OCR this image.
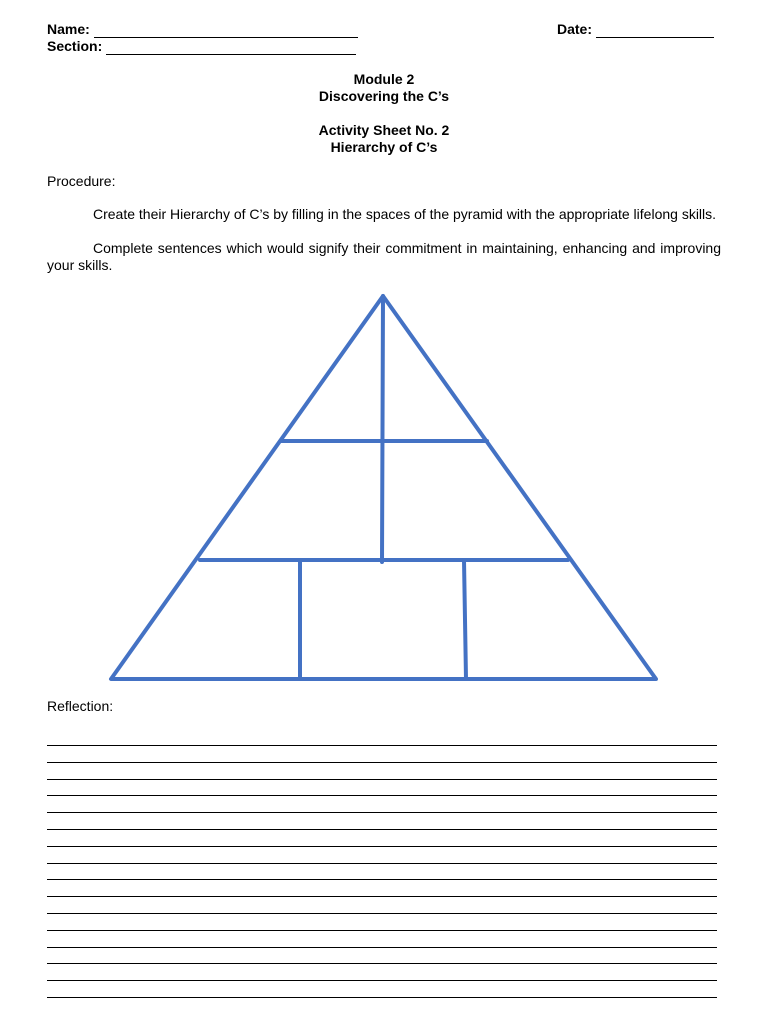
Name:	Date:
Section:
Module 2
Discovering the C’s
Activity Sheet No. 2
Hierarchy of C’s
Procedure:
Create their Hierarchy of C’s by filling in the spaces of the pyramid with the appropriate lifelong skills.
Complete sentences which would signify their commitment in maintaining, enhancing and improving your skills.
Reflection:
